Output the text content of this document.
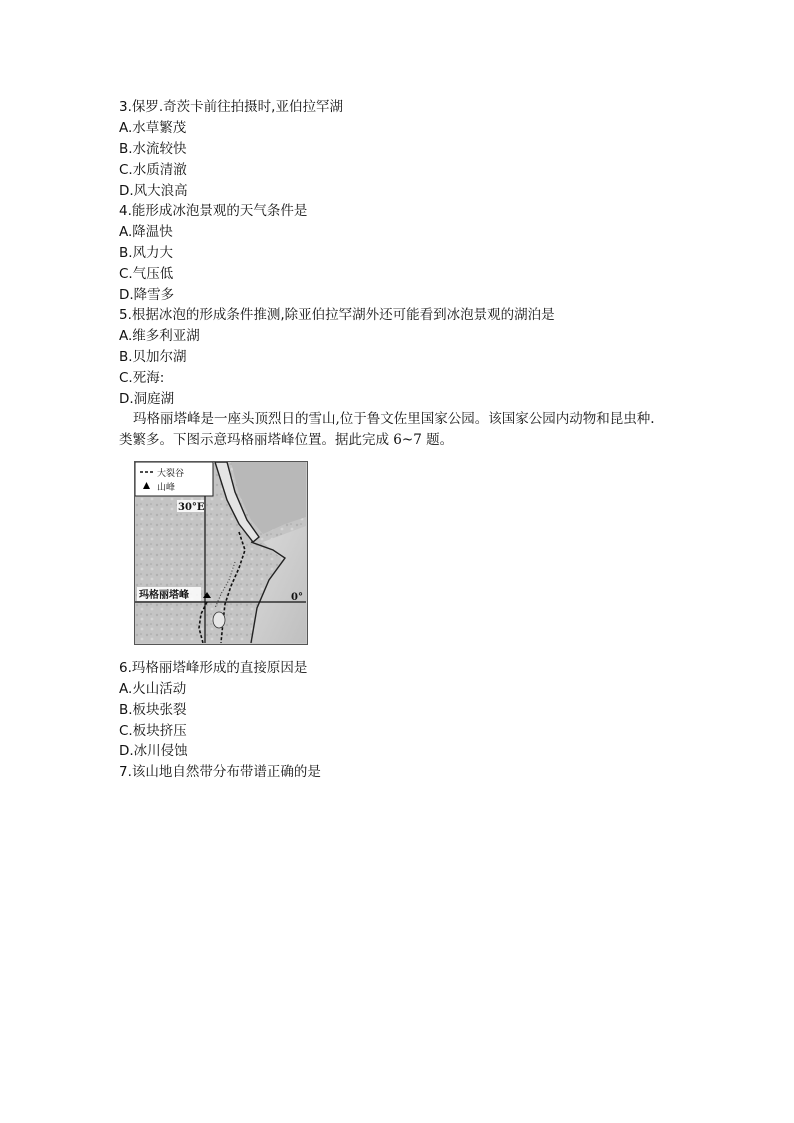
3.保罗.奇茨卡前往拍摄时,亚伯拉罕湖
A.水草繁茂
B.水流较快
C.水质清澈
D.风大浪高
4.能形成冰泡景观的天气条件是
A.降温快
B.风力大
C.气压低
D.降雪多
5.根据冰泡的形成条件推测,除亚伯拉罕湖外还可能看到冰泡景观的湖泊是
A.维多利亚湖
B.贝加尔湖
C.死海:
D.洞庭湖

玛格丽塔峰是一座头顶烈日的雪山,位于鲁文佐里国家公园。该国家公园内动物和昆虫种.

类繁多。下图示意玛格丽塔峰位置。据此完成 6~7 题。

大裂谷
山峰
30°E
玛格丽塔峰	0°
6.玛格丽塔峰形成的直接原因是
A.火山活动
B.板块张裂
C.板块挤压
D.冰川侵蚀
7.该山地自然带分布带谱正确的是
